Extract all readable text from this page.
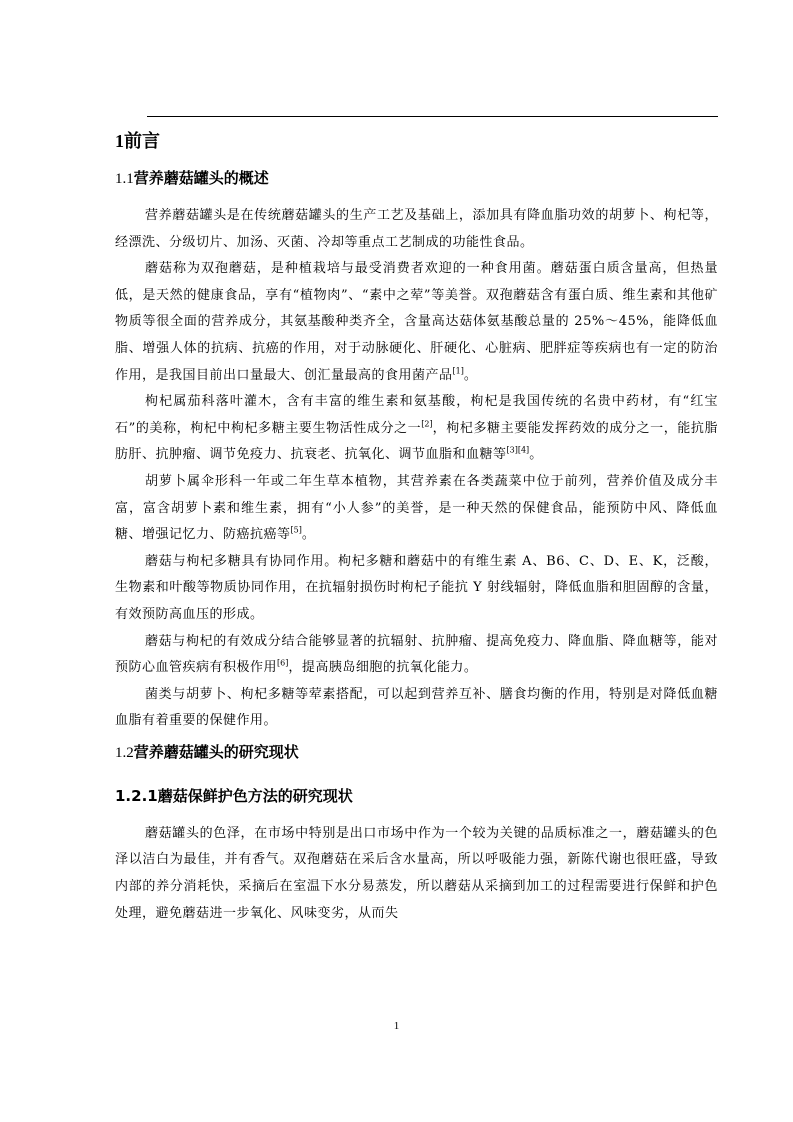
1前言
1.1营养蘑菇罐头的概述

营养蘑菇罐头是在传统蘑菇罐头的生产工艺及基础上，添加具有降血脂功效的胡萝卜、枸杞等，经漂洗、分级切片、加汤、灭菌、冷却等重点工艺制成的功能性食品。

蘑菇称为双孢蘑菇，是种植栽培与最受消费者欢迎的一种食用菌。蘑菇蛋白质含量高，但热量低，是天然的健康食品，享有“植物肉”、“素中之荤”等美誉。双孢蘑菇含有蛋白质、维生素和其他矿物质等很全面的营养成分，其氨基酸种类齐全，含量高达菇体氨基酸总量的 25%～45%，能降低血脂、增强人体的抗病、抗癌的作用，对于动脉硬化、肝硬化、心脏病、肥胖症等疾病也有一定的防治作用，是我国目前出口量最大、创汇量最高的食用菌产品[1]。

枸杞属茄科落叶灌木，含有丰富的维生素和氨基酸，枸杞是我国传统的名贵中药材，有“红宝石”的美称，枸杞中枸杞多糖主要生物活性成分之一[2]，枸杞多糖主要能发挥药效的成分之一，能抗脂肪肝、抗肿瘤、调节免疫力、抗衰老、抗氧化、调节血脂和血糖等[3][4]。

胡萝卜属伞形科一年或二年生草本植物，其营养素在各类蔬菜中位于前列，营养价值及成分丰富，富含胡萝卜素和维生素，拥有“小人参”的美誉，是一种天然的保健食品，能预防中风、降低血糖、增强记忆力、防癌抗癌等[5]。

蘑菇与枸杞多糖具有协同作用。枸杞多糖和蘑菇中的有维生素 A、B6、C、D、E、K，泛酸，生物素和叶酸等物质协同作用，在抗辐射损伤时枸杞子能抗 Y 射线辐射，降低血脂和胆固醇的含量，有效预防高血压的形成。

蘑菇与枸杞的有效成分结合能够显著的抗辐射、抗肿瘤、提高免疫力、降血脂、降血糖等，能对预防心血管疾病有积极作用[6]，提高胰岛细胞的抗氧化能力。

菌类与胡萝卜、枸杞多糖等荤素搭配，可以起到营养互补、膳食均衡的作用，特别是对降低血糖血脂有着重要的保健作用。

1.2营养蘑菇罐头的研究现状
1.2.1蘑菇保鲜护色方法的研究现状

蘑菇罐头的色泽，在市场中特别是出口市场中作为一个较为关键的品质标准之一，蘑菇罐头的色泽以洁白为最佳，并有香气。双孢蘑菇在采后含水量高，所以呼吸能力强，新陈代谢也很旺盛，导致内部的养分消耗快，采摘后在室温下水分易蒸发，所以蘑菇从采摘到加工的过程需要进行保鲜和护色处理，避免蘑菇进一步氧化、风味变劣，从而失

1
